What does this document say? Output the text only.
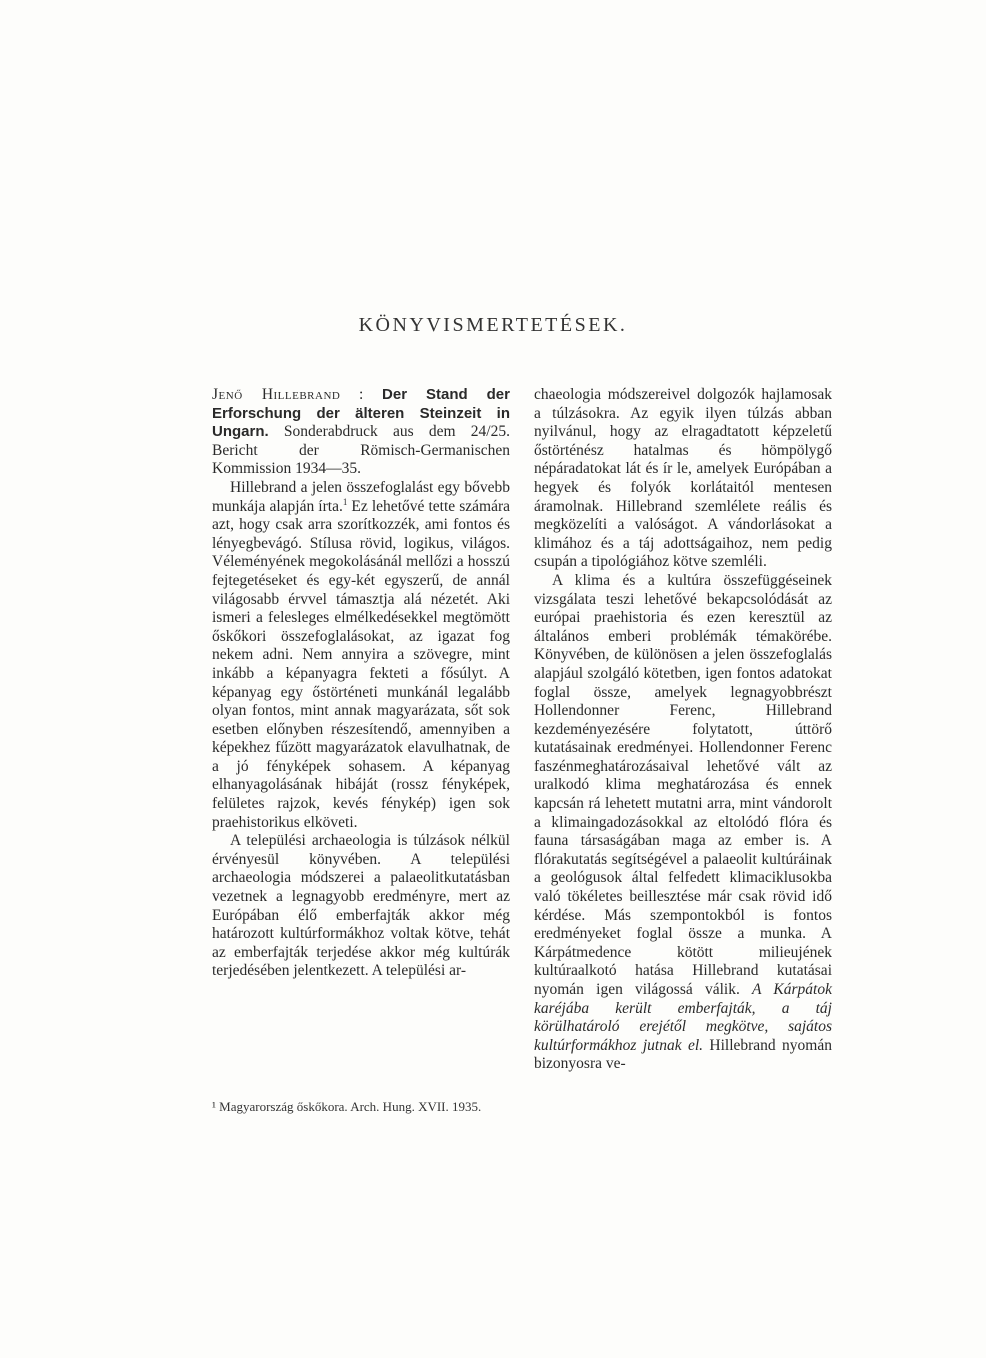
KÖNYVISMERTETÉSEK.

Jenő Hillebrand : Der Stand der Erforschung der älteren Steinzeit in Ungarn. Sonderabdruck aus dem 24/25. Bericht der Römisch-Germanischen Kommission 1934—35.

Hillebrand a jelen összefoglalást egy bővebb munkája alapján írta.$^1$ Ez lehetővé tette számára azt, hogy csak arra szorítkozzék, ami fontos és lényegbevágó. Stílusa rövid, logikus, világos. Véleményének megokolásánál mellőzi a hosszú fejtegetéseket és egy-két egyszerű, de annál világosabb érvvel támasztja alá nézetét. Aki ismeri a felesleges elmélkedésekkel megtömött őskőkori összefoglalásokat, az igazat fog nekem adni. Nem annyira a szövegre, mint inkább a képanyagra fekteti a fősúlyt. A képanyag egy őstörténeti munkánál legalább olyan fontos, mint annak magyarázata, sőt sok esetben előnyben részesítendő, amennyiben a képekhez fűzött magyarázatok elavulhatnak, de a jó fényképek sohasem. A képanyag elhanyagolásának hibáját (rossz fényképek, felületes rajzok, kevés fénykép) igen sok praehistorikus elköveti.

A települési archaeologia is túlzások nélkül érvényesül könyvében. A települési archaeologia módszerei a palaeolitkutatásban vezetnek a legnagyobb eredményre, mert az Európában élő emberfajták akkor még határozott kultúrformákhoz voltak kötve, tehát az emberfajták terjedése akkor még kultúrák terjedésében jelentkezett. A települési ar-

¹ Magyarország őskőkora. Arch. Hung. XVII. 1935.

chaeologia módszereivel dolgozók hajlamosak a túlzásokra. Az egyik ilyen túlzás abban nyilvánul, hogy az elragadtatott képzeletű őstörténész hatalmas és hömpölygő népáradatokat lát és ír le, amelyek Európában a hegyek és folyók korlátaitól mentesen áramolnak. Hillebrand szemlélete reális és megközelíti a valóságot. A vándorlásokat a klimához és a táj adottságaihoz, nem pedig csupán a tipológiához kötve szemléli.

A klima és a kultúra összefüggéseinek vizsgálata teszi lehetővé bekapcsolódását az európai praehistoria és ezen keresztül az általános emberi problémák témakörébe. Könyvében, de különösen a jelen összefoglalás alapjául szolgáló kötetben, igen fontos adatokat foglal össze, amelyek legnagyobbrészt Hollendonner Ferenc, Hillebrand kezdeményezésére folytatott, úttörő kutatásainak eredményei. Hollendonner Ferenc faszénmeghatározásaival lehetővé vált az uralkodó klima meghatározása és ennek kapcsán rá lehetett mutatni arra, mint vándorolt a klimaingadozásokkal az eltolódó flóra és fauna társaságában maga az ember is. A flórakutatás segítségével a palaeolit kultúráinak a geológusok által felfedett klimaciklusokba való tökéletes beillesztése már csak rövid idő kérdése. Más szempontokból is fontos eredményeket foglal össze a munka. A Kárpátmedence kötött milieujének kultúraalkotó hatása Hillebrand kutatásai nyomán igen világossá válik. A Kárpátok karéjába került emberfajták, a táj körülhatároló erejétől megkötve, sajátos kultúrformákhoz jutnak el. Hillebrand nyomán bizonyosra ve-
